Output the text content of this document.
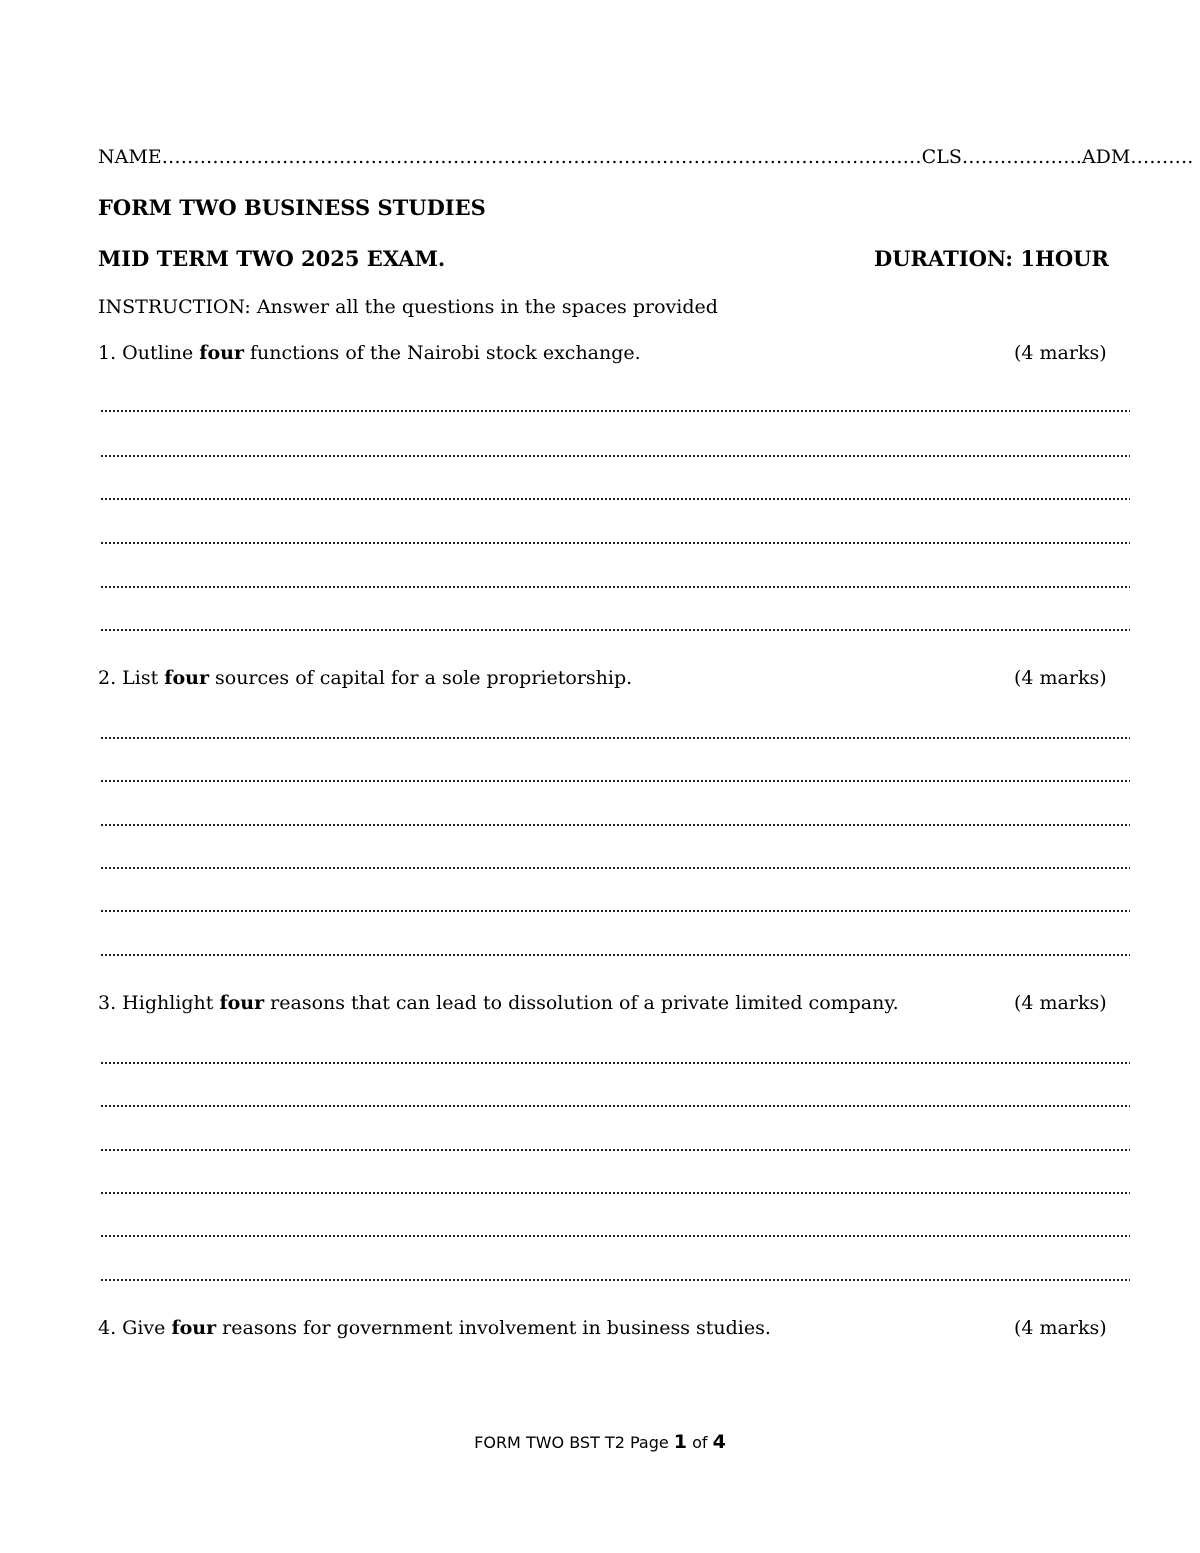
NAME…………………………………………………………………………………………………………CLS……………….ADM……….
FORM TWO BUSINESS STUDIES
MID TERM TWO 2025 EXAM.	DURATION: 1HOUR
INSTRUCTION: Answer all the questions in the spaces provided
1. Outline four functions of the Nairobi stock exchange.	(4 marks)
2. List four sources of capital for a sole proprietorship.	(4 marks)
3. Highlight four reasons that can lead to dissolution of a private limited company.	(4 marks)
4. Give four reasons for government involvement in business studies.	(4 marks)
FORM TWO BST T2 Page 1 of 4
